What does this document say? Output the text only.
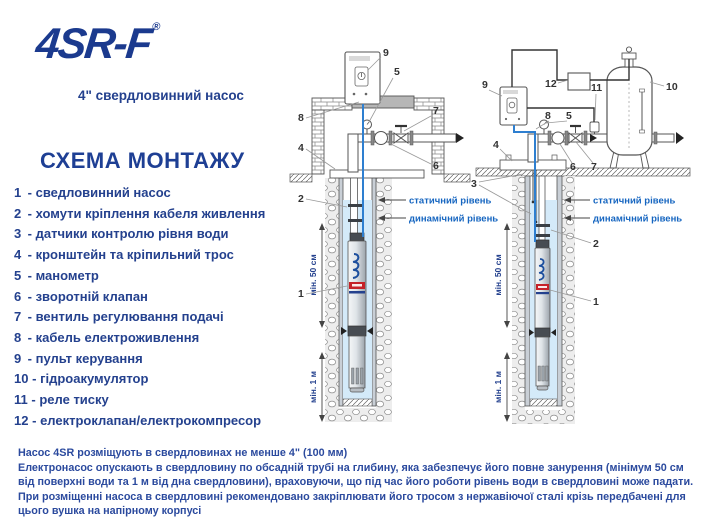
4SR-F®
4" свердловинний насос
СХЕМА МОНТАЖУ
1 - сведловинний насос
2 - хомути кріплення кабеля живлення
3 - датчики контролю рівня води
4 - кронштейн та кріпильний трос
5 - манометр
6 - зворотній клапан
7 - вентиль регулювання подачі
8 - кабель електроживлення
9 - пульт керування
10 - гідроакумулятор
11 - реле тиску
12 - електроклапан/електрокомпресор
статичний рівень
динамічний рівень
мін. 50 см
мін. 1 м
9
5
8
7
4
6
2
1
статичний рівень
динамічний рівень
мін. 50 см
мін. 1 м
9	12	11	10
8 5
4
3
6 7
2
1

Насос 4SR розміщують в свердловинах не менше 4" (100 мм)

Електронасос опускають в свердловину по обсадній трубі на глибину, яка забезпечує його повне занурення (мінімум 50 см від поверхні води та 1 м від дна свердловини), враховуючи, що під час його роботи рівень води в свердловині може падати.

При розміщенні насоса в свердловині рекомендовано закріплювати його тросом з нержавіючої сталі крізь передбачені для цього вушка на напірному корпусі
